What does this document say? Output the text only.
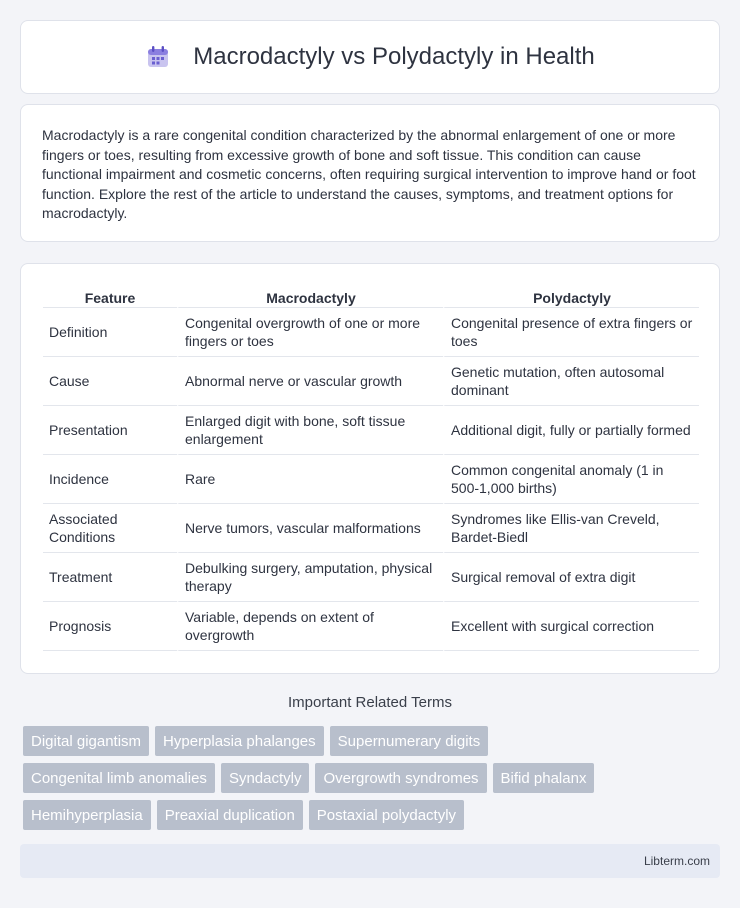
Macrodactyly vs Polydactyly in Health

Macrodactyly is a rare congenital condition characterized by the abnormal enlargement of one or more fingers or toes, resulting from excessive growth of bone and soft tissue. This condition can cause functional impairment and cosmetic concerns, often requiring surgical intervention to improve hand or foot function. Explore the rest of the article to understand the causes, symptoms, and treatment options for macrodactyly.

Feature	Macrodactyly	Polydactyly
Definition	Congenital overgrowth of one or more fingers or toes	Congenital presence of extra fingers or toes
Cause	Abnormal nerve or vascular growth	Genetic mutation, often autosomal dominant
Presentation	Enlarged digit with bone, soft tissue enlargement	Additional digit, fully or partially formed
Incidence	Rare	Common congenital anomaly (1 in 500-1,000 births)
Associated Conditions	Nerve tumors, vascular malformations	Syndromes like Ellis-van Creveld, Bardet-Biedl
Treatment	Debulking surgery, amputation, physical therapy	Surgical removal of extra digit
Prognosis	Variable, depends on extent of overgrowth	Excellent with surgical correction
Important Related Terms
Digital gigantism	Hyperplasia phalanges	Supernumerary digits
Congenital limb anomalies	Syndactyly	Overgrowth syndromes	Bifid phalanx
Hemihyperplasia	Preaxial duplication	Postaxial polydactyly
Libterm.com
